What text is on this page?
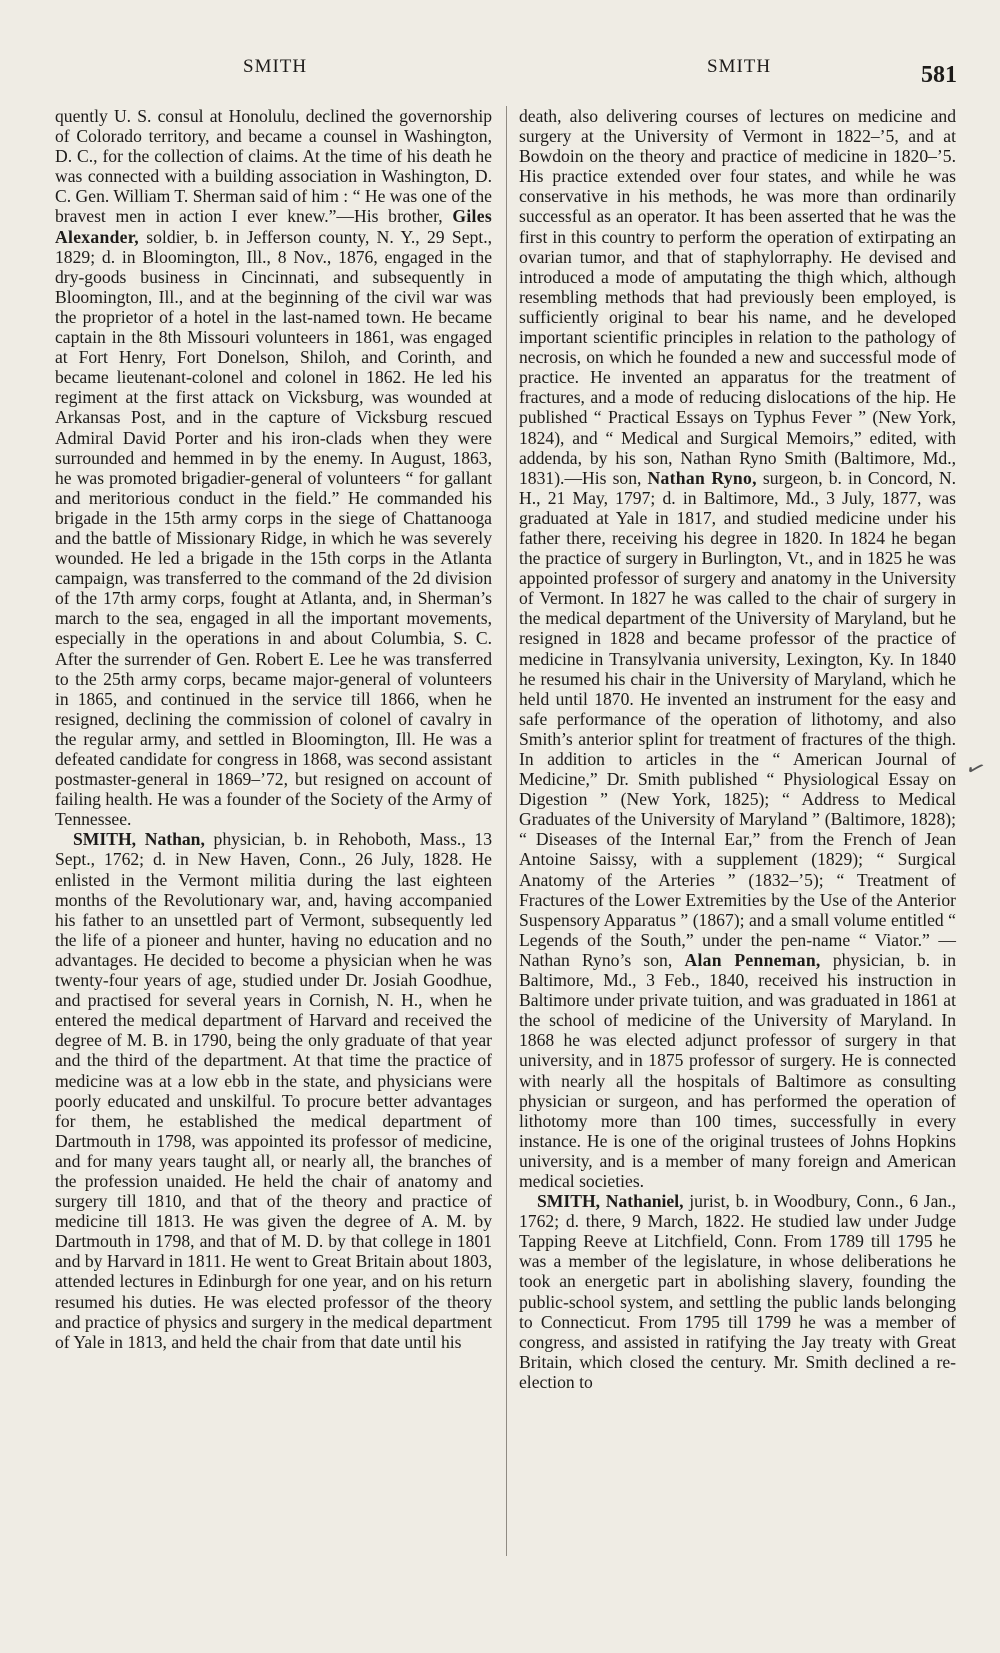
SMITH	SMITH	581

quently U. S. consul at Honolulu, declined the governorship of Colorado territory, and became a counsel in Washington, D. C., for the collection of claims. At the time of his death he was connected with a building association in Washington, D. C. Gen. William T. Sherman said of him : “ He was one of the bravest men in action I ever knew.”—His brother, Giles Alexander, soldier, b. in Jefferson county, N. Y., 29 Sept., 1829; d. in Bloomington, Ill., 8 Nov., 1876, engaged in the dry-goods business in Cincinnati, and subsequently in Bloomington, Ill., and at the beginning of the civil war was the proprietor of a hotel in the last-named town. He became captain in the 8th Missouri volunteers in 1861, was engaged at Fort Henry, Fort Donelson, Shiloh, and Corinth, and became lieutenant-colonel and colonel in 1862. He led his regiment at the first attack on Vicksburg, was wounded at Arkansas Post, and in the capture of Vicksburg rescued Admiral David Porter and his iron-clads when they were surrounded and hemmed in by the enemy. In August, 1863, he was promoted brigadier-general of volunteers “ for gallant and meritorious conduct in the field.” He commanded his brigade in the 15th army corps in the siege of Chattanooga and the battle of Missionary Ridge, in which he was severely wounded. He led a brigade in the 15th corps in the Atlanta campaign, was transferred to the command of the 2d division of the 17th army corps, fought at Atlanta, and, in Sherman’s march to the sea, engaged in all the important movements, especially in the operations in and about Columbia, S. C. After the surrender of Gen. Robert E. Lee he was transferred to the 25th army corps, became major-general of volunteers in 1865, and continued in the service till 1866, when he resigned, declining the commission of colonel of cavalry in the regular army, and settled in Bloomington, Ill. He was a defeated candidate for congress in 1868, was second assistant postmaster-general in 1869–’72, but resigned on account of failing health. He was a founder of the Society of the Army of Tennessee.

SMITH, Nathan, physician, b. in Rehoboth, Mass., 13 Sept., 1762; d. in New Haven, Conn., 26 July, 1828. He enlisted in the Vermont militia during the last eighteen months of the Revolutionary war, and, having accompanied his father to an unsettled part of Vermont, subsequently led the life of a pioneer and hunter, having no education and no advantages. He decided to become a physician when he was twenty-four years of age, studied under Dr. Josiah Goodhue, and practised for several years in Cornish, N. H., when he entered the medical department of Harvard and received the degree of M. B. in 1790, being the only graduate of that year and the third of the department. At that time the practice of medicine was at a low ebb in the state, and physicians were poorly educated and unskilful. To procure better advantages for them, he established the medical department of Dartmouth in 1798, was appointed its professor of medicine, and for many years taught all, or nearly all, the branches of the profession unaided. He held the chair of anatomy and surgery till 1810, and that of the theory and practice of medicine till 1813. He was given the degree of A. M. by Dartmouth in 1798, and that of M. D. by that college in 1801 and by Harvard in 1811. He went to Great Britain about 1803, attended lectures in Edinburgh for one year, and on his return resumed his duties. He was elected professor of the theory and practice of physics and surgery in the medical department of Yale in 1813, and held the chair from that date until his

death, also delivering courses of lectures on medicine and surgery at the University of Vermont in 1822–’5, and at Bowdoin on the theory and practice of medicine in 1820–’5. His practice extended over four states, and while he was conservative in his methods, he was more than ordinarily successful as an operator. It has been asserted that he was the first in this country to perform the operation of extirpating an ovarian tumor, and that of staphylorraphy. He devised and introduced a mode of amputating the thigh which, although resembling methods that had previously been employed, is sufficiently original to bear his name, and he developed important scientific principles in relation to the pathology of necrosis, on which he founded a new and successful mode of practice. He invented an apparatus for the treatment of fractures, and a mode of reducing dislocations of the hip. He published “ Practical Essays on Typhus Fever ” (New York, 1824), and “ Medical and Surgical Memoirs,” edited, with addenda, by his son, Nathan Ryno Smith (Baltimore, Md., 1831).—His son, Nathan Ryno, surgeon, b. in Concord, N. H., 21 May, 1797; d. in Baltimore, Md., 3 July, 1877, was graduated at Yale in 1817, and studied medicine under his father there, receiving his degree in 1820. In 1824 he began the practice of surgery in Burlington, Vt., and in 1825 he was appointed professor of surgery and anatomy in the University of Vermont. In 1827 he was called to the chair of surgery in the medical department of the University of Maryland, but he resigned in 1828 and became professor of the practice of medicine in Transylvania university, Lexington, Ky. In 1840 he resumed his chair in the University of Maryland, which he held until 1870. He invented an instrument for the easy and safe performance of the operation of lithotomy, and also Smith’s anterior splint for treatment of fractures of the thigh. In addition to articles in the “ American Journal of Medicine,” Dr. Smith published “ Physiological Essay on Digestion ” (New York, 1825); “ Address to Medical Graduates of the University of Maryland ” (Baltimore, 1828); “ Diseases of the Internal Ear,” from the French of Jean Antoine Saissy, with a supplement (1829); “ Surgical Anatomy of the Arteries ” (1832–’5); “ Treatment of Fractures of the Lower Extremities by the Use of the Anterior Suspensory Apparatus ” (1867); and a small volume entitled “ Legends of the South,” under the pen-name “ Viator.” — Nathan Ryno’s son, Alan Penneman, physician, b. in Baltimore, Md., 3 Feb., 1840, received his instruction in Baltimore under private tuition, and was graduated in 1861 at the school of medicine of the University of Maryland. In 1868 he was elected adjunct professor of surgery in that university, and in 1875 professor of surgery. He is connected with nearly all the hospitals of Baltimore as consulting physician or surgeon, and has performed the operation of lithotomy more than 100 times, successfully in every instance. He is one of the original trustees of Johns Hopkins university, and is a member of many foreign and American medical societies.

SMITH, Nathaniel, jurist, b. in Woodbury, Conn., 6 Jan., 1762; d. there, 9 March, 1822. He studied law under Judge Tapping Reeve at Litchfield, Conn. From 1789 till 1795 he was a member of the legislature, in whose deliberations he took an energetic part in abolishing slavery, founding the public-school system, and settling the public lands belonging to Connecticut. From 1795 till 1799 he was a member of congress, and assisted in ratifying the Jay treaty with Great Britain, which closed the century. Mr. Smith declined a re-election to

✓
